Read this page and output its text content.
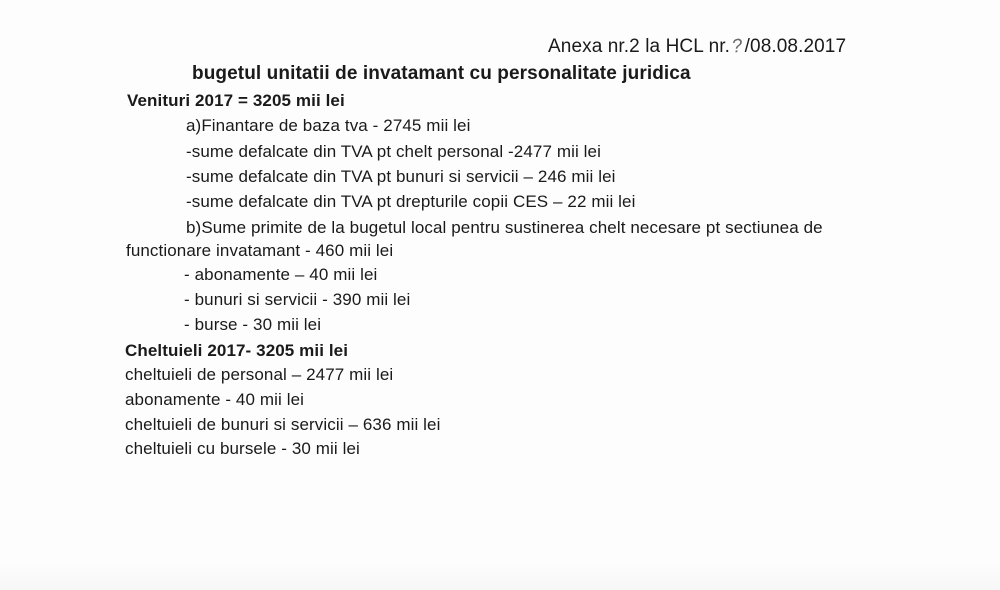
Anexa nr.2 la HCL nr.?/08.08.2017
bugetul unitatii de invatamant cu personalitate juridica
Venituri 2017 = 3205 mii lei
a)Finantare de baza tva - 2745 mii lei
-sume defalcate din TVA pt chelt personal -2477 mii lei
-sume defalcate din TVA pt bunuri si servicii – 246 mii lei
-sume defalcate din TVA pt drepturile copii CES – 22 mii lei
b)Sume primite de la bugetul local pentru sustinerea chelt necesare pt sectiunea de
functionare invatamant - 460 mii lei
- abonamente – 40 mii lei
- bunuri si servicii - 390 mii lei
- burse - 30 mii lei
Cheltuieli 2017- 3205 mii lei
cheltuieli de personal – 2477 mii lei
abonamente - 40 mii lei
cheltuieli de bunuri si servicii – 636 mii lei
cheltuieli cu bursele - 30 mii lei
